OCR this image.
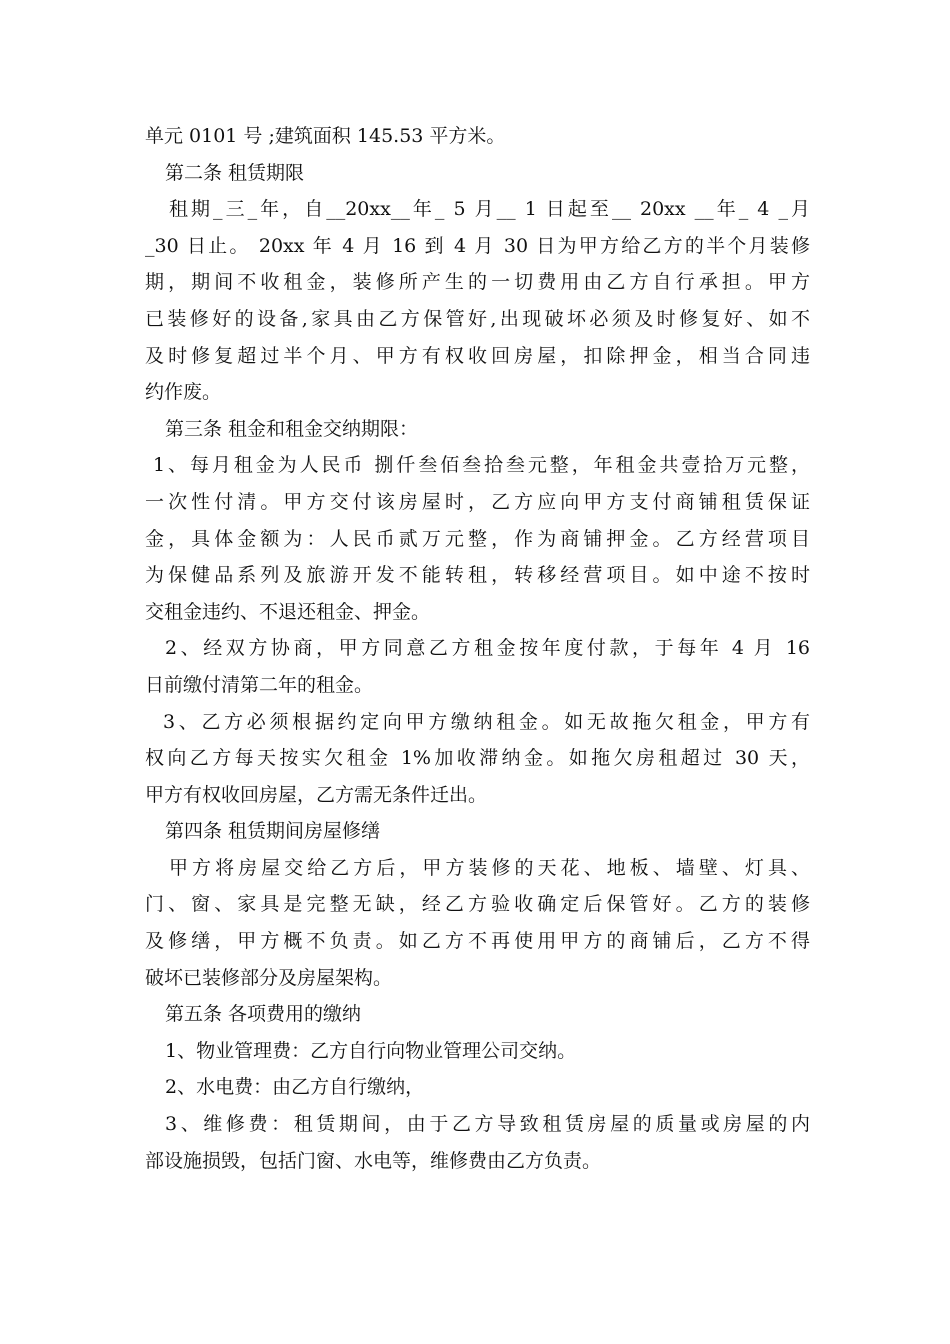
单元 0101 号 ;建筑面积 145.53 平方米。
第二条 租赁期限
租期_三_年，自__20xx__年_ 5 月__ 1 日起至__ 20xx __年_ 4 _月
_30 日止。 20xx 年 4 月 16 到 4 月 30 日为甲方给乙方的半个月装修
期，期间不收租金，装修所产生的一切费用由乙方自行承担。甲方
已装修好的设备,家具由乙方保管好,出现破坏必须及时修复好、如不
及时修复超过半个月、甲方有权收回房屋，扣除押金，相当合同违
约作废。
第三条 租金和租金交纳期限：
1、每月租金为人民币 捌仟叁佰叁拾叁元整，年租金共壹拾万元整，
一次性付清。甲方交付该房屋时，乙方应向甲方支付商铺租赁保证
金，具体金额为：人民币贰万元整，作为商铺押金。乙方经营项目
为保健品系列及旅游开发不能转租，转移经营项目。如中途不按时
交租金违约、不退还租金、押金。
2、经双方协商，甲方同意乙方租金按年度付款，于每年 4 月 16
日前缴付清第二年的租金。
3、乙方必须根据约定向甲方缴纳租金。如无故拖欠租金，甲方有
权向乙方每天按实欠租金 1%加收滞纳金。如拖欠房租超过 30 天，
甲方有权收回房屋，乙方需无条件迁出。
第四条 租赁期间房屋修缮
甲方将房屋交给乙方后，甲方装修的天花、地板、墙壁、灯具、
门、窗、家具是完整无缺，经乙方验收确定后保管好。乙方的装修
及修缮，甲方概不负责。如乙方不再使用甲方的商铺后，乙方不得
破坏已装修部分及房屋架构。
第五条 各项费用的缴纳
1、物业管理费：乙方自行向物业管理公司交纳。
2、水电费：由乙方自行缴纳，
3、维修费：租赁期间，由于乙方导致租赁房屋的质量或房屋的内
部设施损毁，包括门窗、水电等，维修费由乙方负责。
